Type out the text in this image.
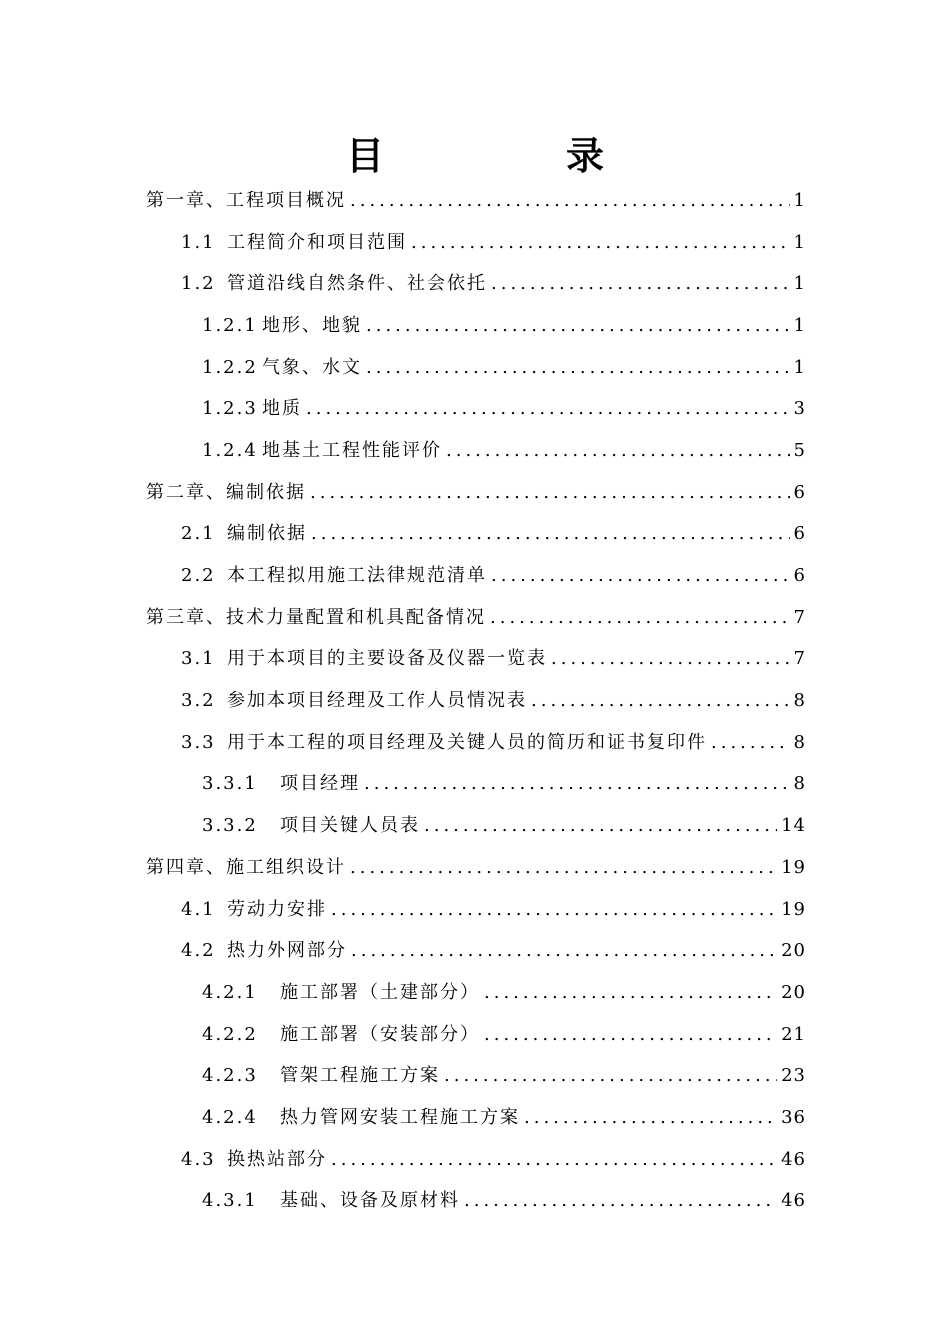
目　录
第一章、工程项目概况 .....	1
1.1 工程简介和项目范围 .....	1
1.2 管道沿线自然条件、社会依托 .....	1
1.2.1 地形、地貌 .....	1
1.2.2 气象、水文 .....	1
1.2.3 地质 .....	3
1.2.4 地基土工程性能评价 .....	5
第二章、编制依据 .....	6
2.1 编制依据 .....	6
2.2 本工程拟用施工法律规范清单 .....	6
第三章、技术力量配置和机具配备情况 .....	7
3.1 用于本项目的主要设备及仪器一览表 .....	7
3.2 参加本项目经理及工作人员情况表 .....	8
3.3 用于本工程的项目经理及关键人员的简历和证书复印件 .....	8
3.3.1	项目经理 .....	8
3.3.2	项目关键人员表 .....	14
第四章、施工组织设计 .....	19
4.1 劳动力安排 .....	19
4.2 热力外网部分 .....	20
4.2.1	施工部署（土建部分） .....	20
4.2.2	施工部署（安装部分） .....	21
4.2.3	管架工程施工方案 .....	23
4.2.4	热力管网安装工程施工方案 .....	36
4.3 换热站部分 .....	46
4.3.1	基础、设备及原材料 .....	46
